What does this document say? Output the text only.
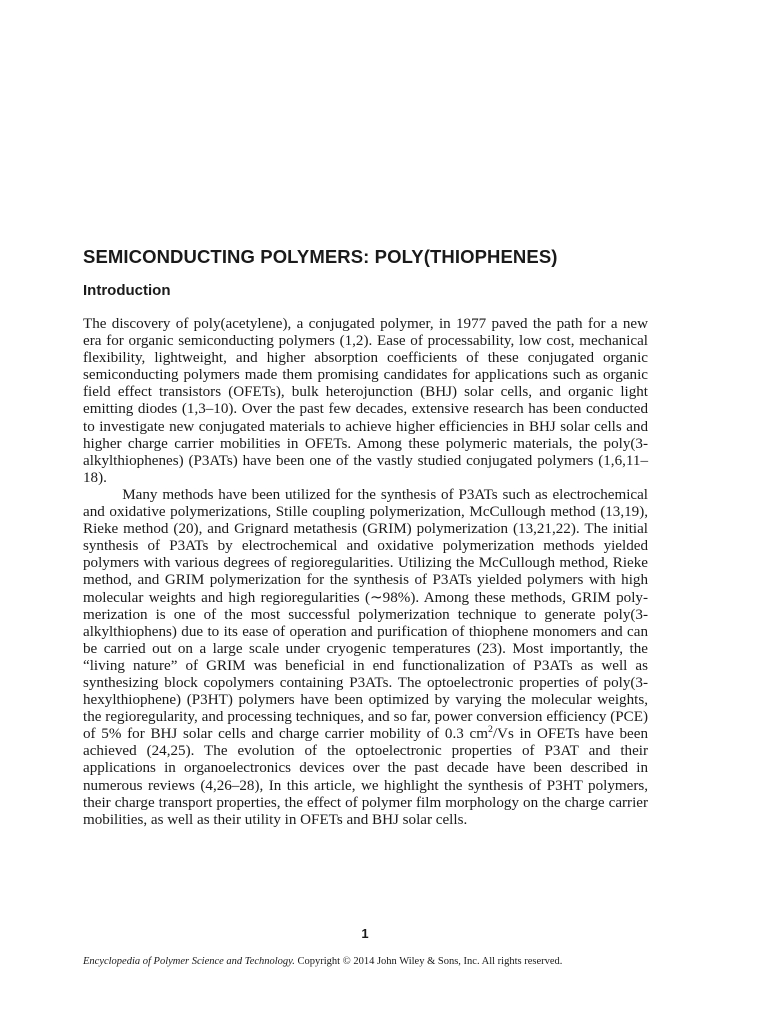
SEMICONDUCTING POLYMERS: POLY(THIOPHENES)
Introduction

The discovery of poly(acetylene), a conjugated polymer, in 1977 paved the path for a new era for organic semiconducting polymers (1,2). Ease of processability, low cost, mechanical flexibility, lightweight, and higher absorption coefficients of these conjugated organic semiconducting polymers made them promising candidates for applications such as organic field effect transistors (OFETs), bulk heterojunction (BHJ) solar cells, and organic light emitting diodes (1,3–10). Over the past few decades, extensive research has been conducted to investigate new conjugated materials to achieve higher efficiencies in BHJ solar cells and higher charge carrier mobilities in OFETs. Among these polymeric materials, the poly(3-alkylthiophenes) (P3ATs) have been one of the vastly studied conjugated polymers (1,6,11–18).

Many methods have been utilized for the synthesis of P3ATs such as electrochemical and oxidative polymerizations, Stille coupling polymerization, McCullough method (13,19), Rieke method (20), and Grignard metathesis (GRIM) polymerization (13,21,22). The initial synthesis of P3ATs by electrochemical and oxidative polymerization methods yielded polymers with various degrees of regioregularities. Utilizing the McCullough method, Rieke method, and GRIM polymerization for the synthesis of P3ATs yielded polymers with high molecular weights and high regioregularities (∼98%). Among these methods, GRIM polymerization is one of the most successful polymerization technique to generate poly(3-alkylthiophens) due to its ease of operation and purification of thiophene monomers and can be carried out on a large scale under cryogenic temperatures (23). Most importantly, the “living nature” of GRIM was beneficial in end functionalization of P3ATs as well as synthesizing block copolymers containing P3ATs. The optoelectronic properties of poly(3-hexylthiophene) (P3HT) polymers have been optimized by varying the molecular weights, the regioregularity, and processing techniques, and so far, power conversion efficiency (PCE) of 5% for BHJ solar cells and charge carrier mobility of 0.3 $cm^2/Vs$ in OFETs have been achieved (24,25). The evolution of the optoelectronic properties of P3AT and their applications in organoelectronics devices over the past decade have been described in numerous reviews (4,26–28), In this article, we highlight the synthesis of P3HT polymers, their charge transport properties, the effect of polymer film morphology on the charge carrier mobilities, as well as their utility in OFETs and BHJ solar cells.

1
Encyclopedia of Polymer Science and Technology. Copyright © 2014 John Wiley & Sons, Inc. All rights reserved.
